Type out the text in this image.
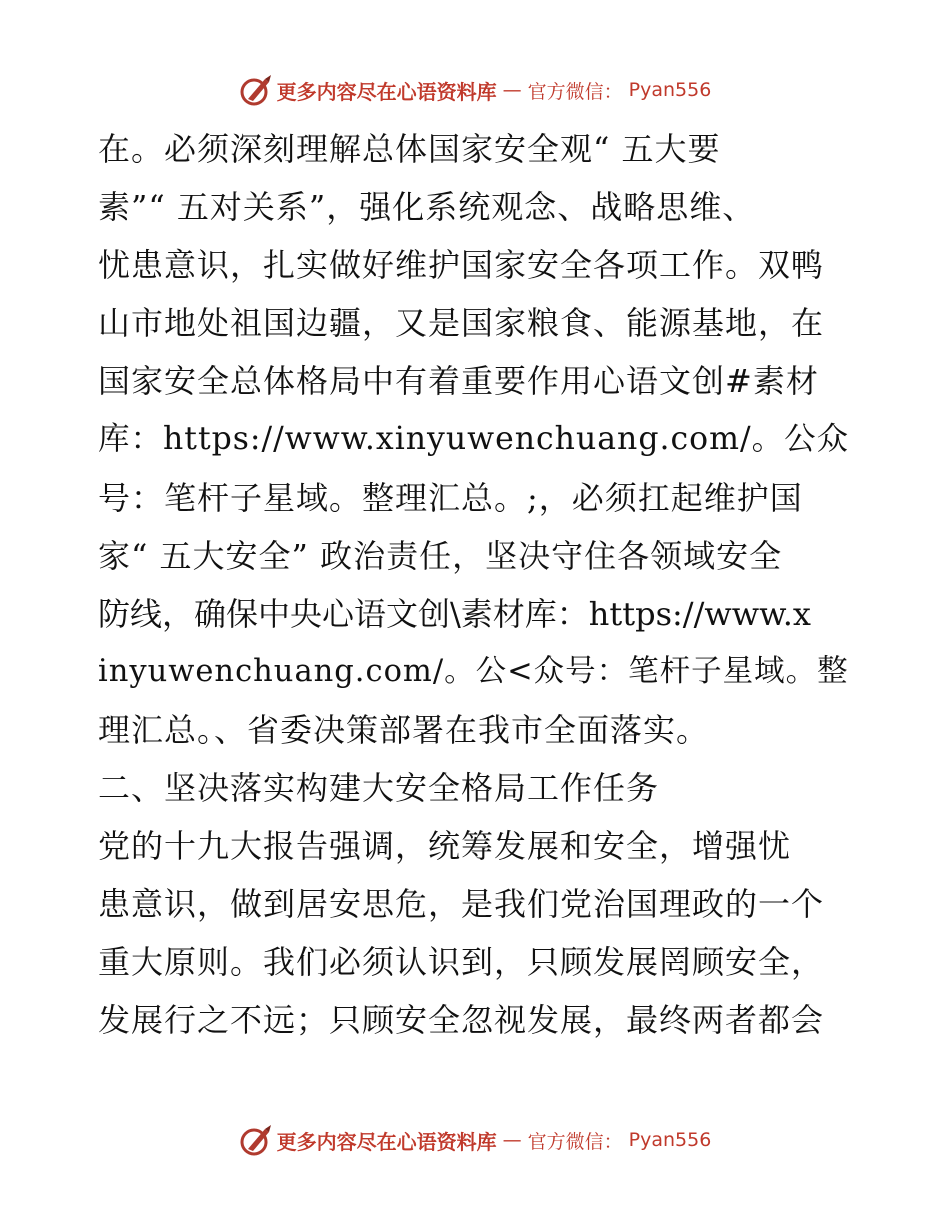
更多内容尽在心语资料库 — 官方微信： Pyan556
在。必须深刻理解总体国家安全观“ 五大要
素”“ 五对关系”，强化系统观念、战略思维、
忧患意识，扎实做好维护国家安全各项工作。双鸭
山市地处祖国边疆，又是国家粮食、能源基地，在
国家安全总体格局中有着重要作用心语文创#素材
库：https://www.xinyuwenchuang.com/。公众
号：笔杆子星域。整理汇总。;，必须扛起维护国
家“ 五大安全” 政治责任，坚决守住各领域安全
防线，确保中央心语文创\素材库：https://www.x
inyuwenchuang.com/。公<众号：笔杆子星域。整
理汇总。、省委决策部署在我市全面落实。
二、坚决落实构建大安全格局工作任务
党的十九大报告强调，统筹发展和安全，增强忧
患意识，做到居安思危，是我们党治国理政的一个
重大原则。我们必须认识到，只顾发展罔顾安全，
发展行之不远；只顾安全忽视发展，最终两者都会
更多内容尽在心语资料库 — 官方微信： Pyan556
